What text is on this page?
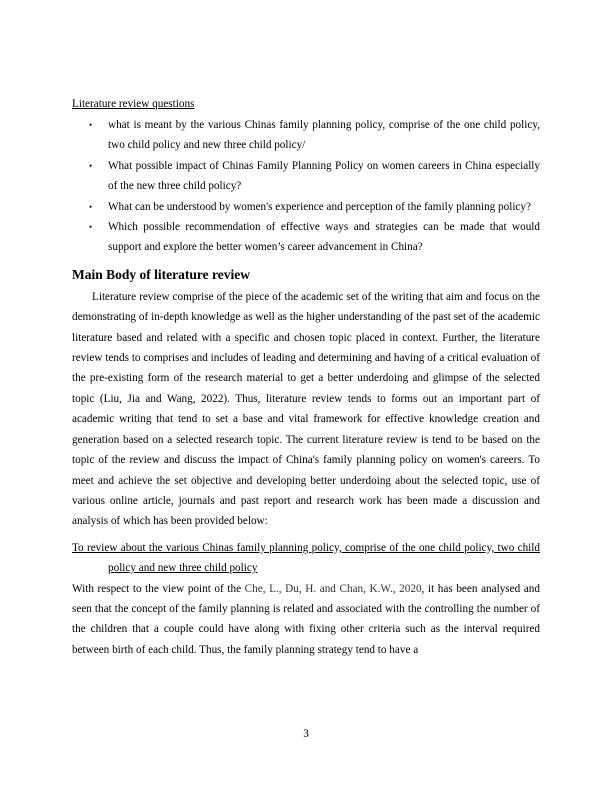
Literature review questions

• what is meant by the various Chinas family planning policy, comprise of the one child policy, two child policy and new three child policy/
• What possible impact of Chinas Family Planning Policy on women careers in China especially of the new three child policy?
• What can be understood by women's experience and perception of the family planning policy?
• Which possible recommendation of effective ways and strategies can be made that would support and explore the better women’s career advancement in China?
Main Body of literature review

Literature review comprise of the piece of the academic set of the writing that aim and focus on the demonstrating of in-depth knowledge as well as the higher understanding of the past set of the academic literature based and related with a specific and chosen topic placed in context. Further, the literature review tends to comprises and includes of leading and determining and having of a critical evaluation of the pre-existing form of the research material to get a better underdoing and glimpse of the selected topic (Liu, Jia and Wang, 2022). Thus, literature review tends to forms out an important part of academic writing that tend to set a base and vital framework for effective knowledge creation and generation based on a selected research topic. The current literature review is tend to be based on the topic of the review and discuss the impact of China's family planning policy on women's careers. To meet and achieve the set objective and developing better underdoing about the selected topic, use of various online article, journals and past report and research work has been made a discussion and analysis of which has been provided below:

To review about the various Chinas family planning policy, comprise of the one child policy, two child policy and new three child policy

With respect to the view point of the Che, L., Du, H. and Chan, K.W., 2020, it has been analysed and seen that the concept of the family planning is related and associated with the controlling the number of the children that a couple could have along with fixing other criteria such as the interval required between birth of each child. Thus, the family planning strategy tend to have a

3
